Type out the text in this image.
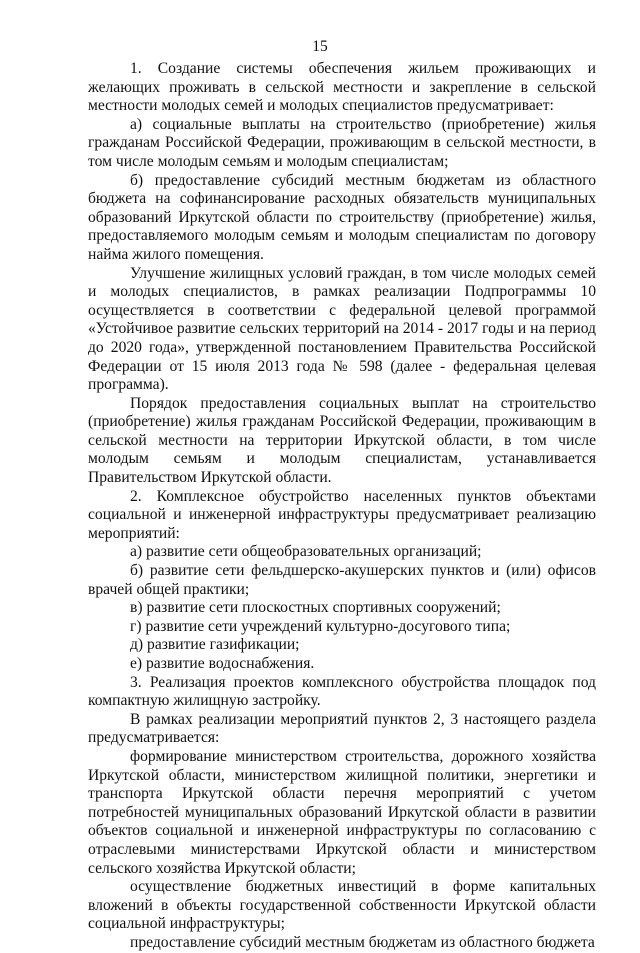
15

1. Создание системы обеспечения жильем проживающих и желающих проживать в сельской местности и закрепление в сельской местности молодых семей и молодых специалистов предусматривает:

а) социальные выплаты на строительство (приобретение) жилья гражданам Российской Федерации, проживающим в сельской местности, в том числе молодым семьям и молодым специалистам;

б) предоставление субсидий местным бюджетам из областного бюджета на софинансирование расходных обязательств муниципальных образований Иркутской области по строительству (приобретение) жилья, предоставляемого молодым семьям и молодым специалистам по договору найма жилого помещения.

Улучшение жилищных условий граждан, в том числе молодых семей и молодых специалистов, в рамках реализации Подпрограммы 10 осуществляется в соответствии с федеральной целевой программой «Устойчивое развитие сельских территорий на 2014 - 2017 годы и на период до 2020 года», утвержденной постановлением Правительства Российской Федерации от 15 июля 2013 года № 598 (далее - федеральная целевая программа).

Порядок предоставления социальных выплат на строительство (приобретение) жилья гражданам Российской Федерации, проживающим в сельской местности на территории Иркутской области, в том числе молодым семьям и молодым специалистам, устанавливается Правительством Иркутской области.

2. Комплексное обустройство населенных пунктов объектами социальной и инженерной инфраструктуры предусматривает реализацию мероприятий:

а) развитие сети общеобразовательных организаций;

б) развитие сети фельдшерско-акушерских пунктов и (или) офисов врачей общей практики;

в) развитие сети плоскостных спортивных сооружений;

г) развитие сети учреждений культурно-досугового типа;

д) развитие газификации;

е) развитие водоснабжения.

3. Реализация проектов комплексного обустройства площадок под компактную жилищную застройку.

В рамках реализации мероприятий пунктов 2, 3 настоящего раздела предусматривается:

формирование министерством строительства, дорожного хозяйства Иркутской области, министерством жилищной политики, энергетики и транспорта Иркутской области перечня мероприятий с учетом потребностей муниципальных образований Иркутской области в развитии объектов социальной и инженерной инфраструктуры по согласованию с отраслевыми министерствами Иркутской области и министерством сельского хозяйства Иркутской области;

осуществление бюджетных инвестиций в форме капитальных вложений в объекты государственной собственности Иркутской области социальной инфраструктуры;

предоставление субсидий местным бюджетам из областного бюджета
